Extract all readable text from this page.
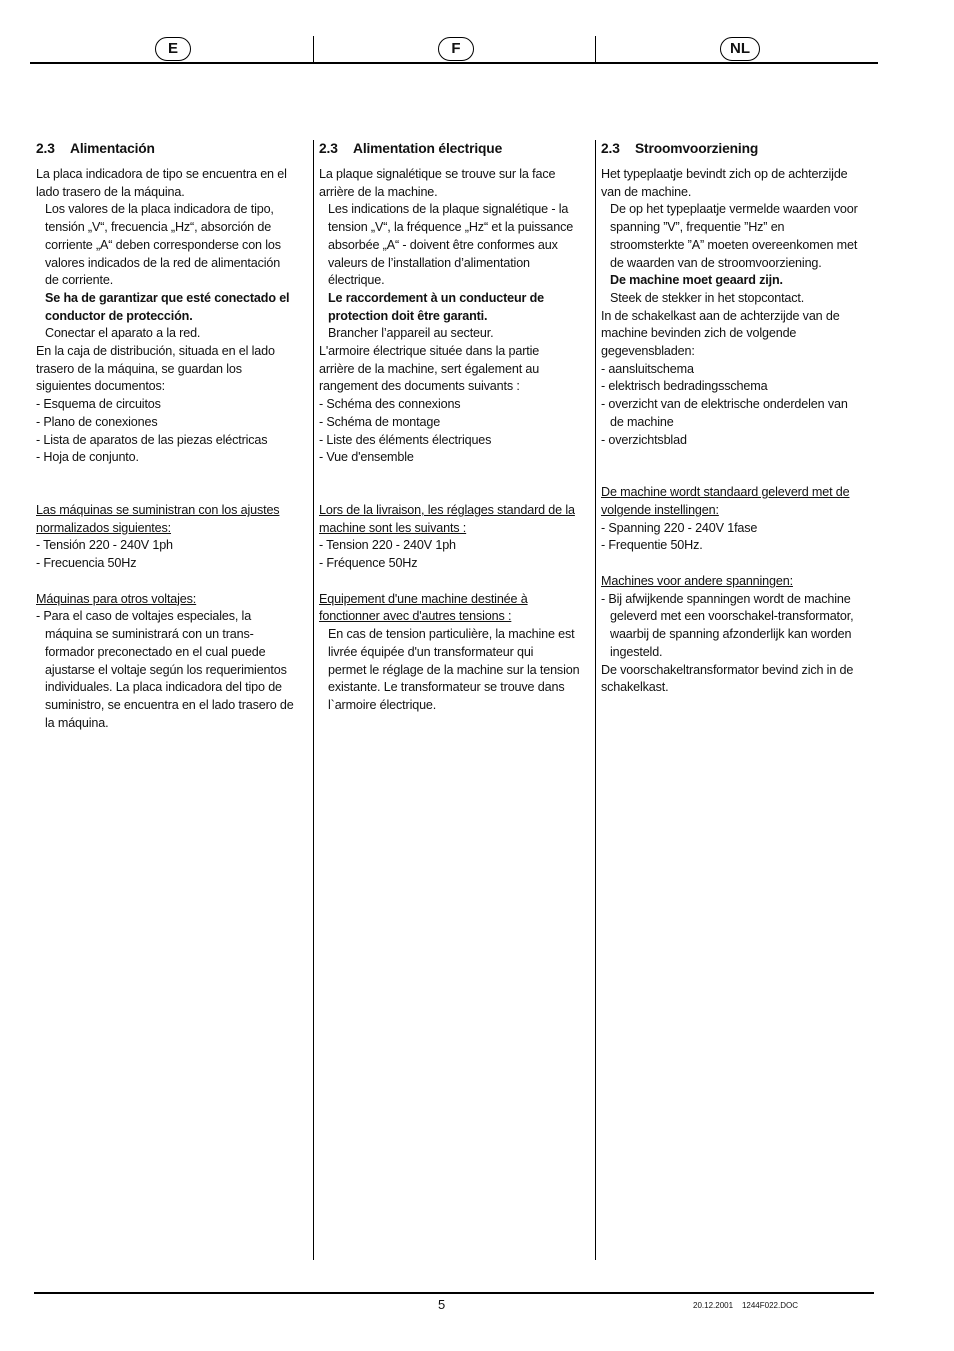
E	F	NL
2.3 Alimentación

La placa indicadora de tipo se encuentra en el

lado trasero de la máquina.

Los valores de la placa indicadora de tipo,

tensión „V“, frecuencia „Hz“, absorción de

corriente „A“ deben corresponderse con los

valores indicados de la red de alimentación

de corriente.

Se ha de garantizar que esté conectado el

conductor de protección.

Conectar el aparato a la red.

En la caja de distribución, situada en el lado

trasero de la máquina, se guardan los

siguientes documentos:

- Esquema de circuitos

- Plano de conexiones

- Lista de aparatos de las piezas eléctricas

- Hoja de conjunto.

Las máquinas se suministran con los ajustes

normalizados siguientes:

- Tensión 220 - 240V 1ph

- Frecuencia 50Hz

Máquinas para otros voltajes:

- Para el caso de voltajes especiales, la

máquina se suministrará con un trans-

formador preconectado en el cual puede

ajustarse el voltaje según los requerimientos

individuales. La placa indicadora del tipo de

suministro, se encuentra en el lado trasero de

la máquina.

2.3 Alimentation électrique

La plaque signalétique se trouve sur la face

arrière de la machine.

Les indications de la plaque signalétique - la

tension „V“, la fréquence „Hz“ et la puissance

absorbée „A“ - doivent être conformes aux

valeurs de l’installation d’alimentation

électrique.

Le raccordement à un conducteur de

protection doit être garanti.

Brancher l’appareil au secteur.

L'armoire électrique située dans la partie

arrière de la machine, sert également au

rangement des documents suivants :

- Schéma des connexions

- Schéma de montage

- Liste des éléments électriques

- Vue d'ensemble

Lors de la livraison, les réglages standard de la

machine sont les suivants :

- Tension 220 - 240V 1ph

- Fréquence 50Hz

Equipement d'une machine destinée à

fonctionner avec d'autres tensions :

En cas de tension particulière, la machine est

livrée équipée d'un transformateur qui

permet le réglage de la machine sur la tension

existante. Le transformateur se trouve dans

l`armoire électrique.

2.3 Stroomvoorziening

Het typeplaatje bevindt zich op de achterzijde

van de machine.

De op het typeplaatje vermelde waarden voor

spanning ”V”, frequentie ”Hz” en

stroomsterkte ”A” moeten overeenkomen met

de waarden van de stroomvoorziening.

De machine moet geaard zijn.

Steek de stekker in het stopcontact.

In de schakelkast aan de achterzijde van de

machine bevinden zich de volgende

gegevensbladen:

- aansluitschema

- elektrisch bedradingsschema

- overzicht van de elektrische onderdelen van

de machine

- overzichtsblad

De machine wordt standaard geleverd met de

volgende instellingen:

- Spanning 220 - 240V 1fase

- Frequentie 50Hz.

Machines voor andere spanningen:

- Bij afwijkende spanningen wordt de machine

geleverd met een voorschakel-transformator,

waarbij de spanning afzonderlijk kan worden

ingesteld.

De voorschakeltransformator bevind zich in de

schakelkast.

5	20.12.2001 1244F022.DOC
